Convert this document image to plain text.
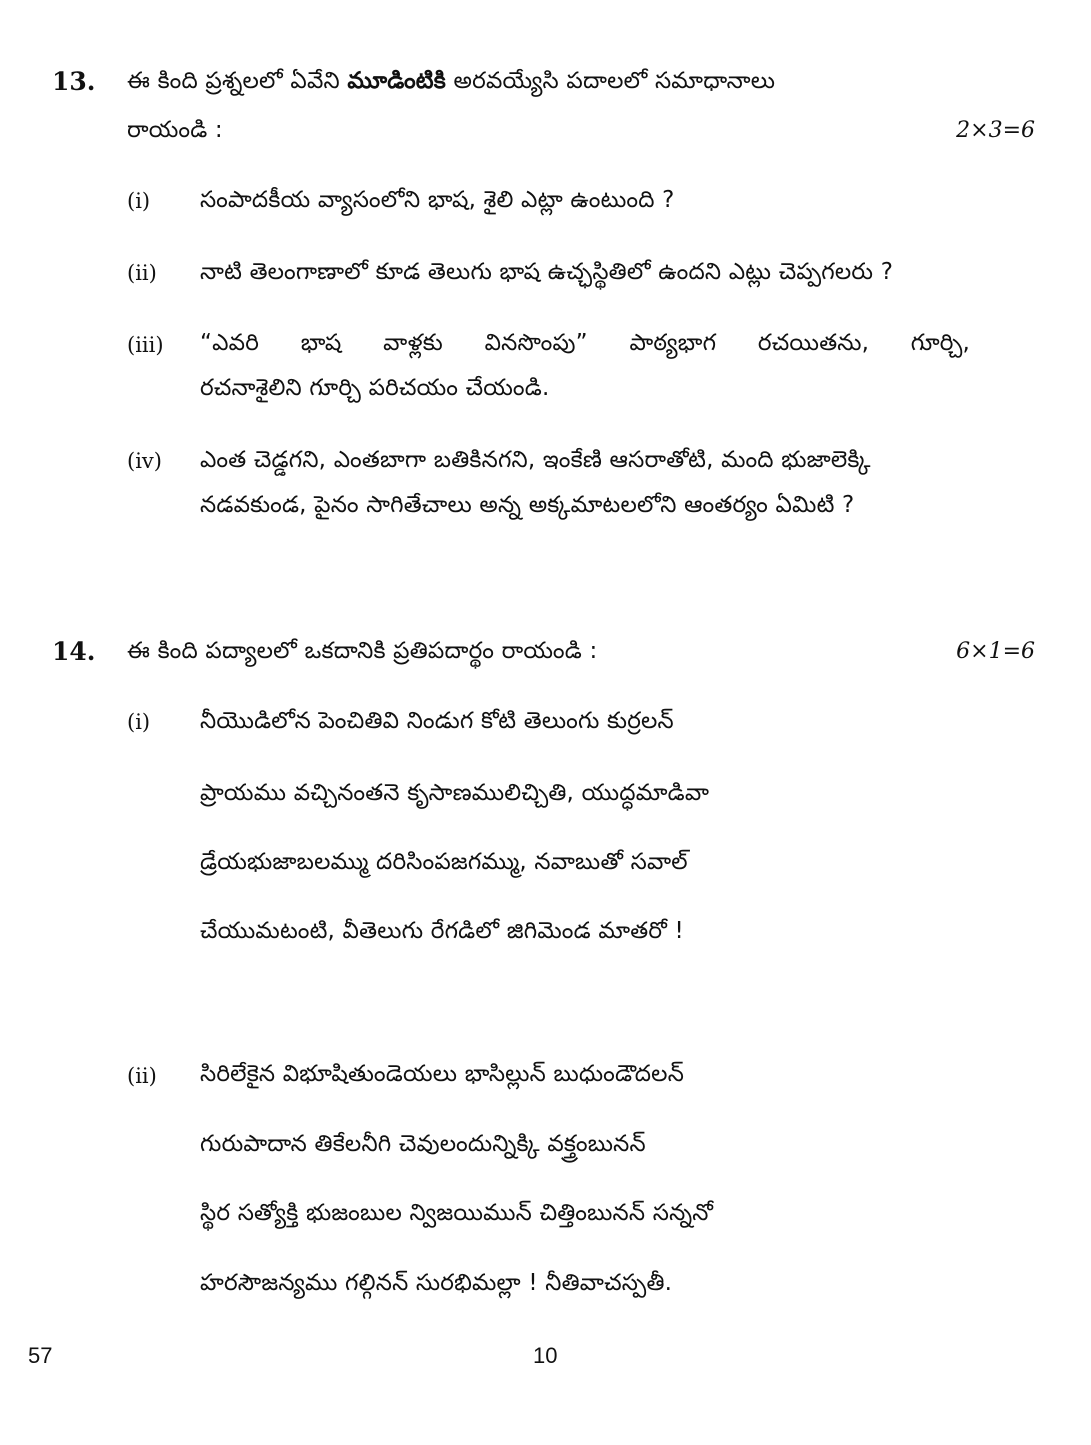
13. ఈ కింది ప్రశ్నలలో ఏవేని మూడింటికి అరవయ్యేసి పదాలలో సమాధానాలు
రాయండి :	2×3=6
(i) సంపాదకీయ వ్యాసంలోని భాష, శైలి ఎట్లా ఉంటుంది ?
(ii) నాటి తెలంగాణాలో కూడ తెలుగు భాష ఉచ్ఛస్థితిలో ఉందని ఎట్లు చెప్పగలరు ?
(iii) “ఎవరి భాష వాళ్లకు వినసొంపు” పాఠ్యభాగ రచయితను, గూర్చి,
రచనాశైలిని గూర్చి పరిచయం చేయండి.
(iv) ఎంత చెడ్డగని, ఎంతబాగా బతికినగని, ఇంకేణి ఆసరాతోటి, మంది భుజాలెక్కి
నడవకుండ, పైనం సాగితేచాలు అన్న అక్కమాటలలోని ఆంతర్యం ఏమిటి ?
14. ఈ కింది పద్యాలలో ఒకదానికి ప్రతిపదార్థం రాయండి :	6×1=6
(i) నీయొడిలోన పెంచితివి నిండుగ కోటి తెలుంగు కుర్రలన్
ప్రాయము వచ్చినంతనె కృసాణములిచ్చితి, యుద్ధమాడివా
డ్రేయభుజాబలమ్ము దరిసింపజగమ్ము, నవాబుతో సవాల్
చేయుమటంటి, వీతెలుగు రేగడిలో జిగిమెండ మాతరో !
(ii) సిరిలేకైన విభూషితుండెయలు భాసిల్లున్ బుధుండౌదలన్
గురుపాదాన తికేలనీగి చెవులందున్నిక్కి వక్త్రంబునన్
స్థిర సత్యోక్తి భుజంబుల న్విజయిమున్ చిత్తింబునన్ సన్ననో
హరసౌజన్యము గల్గినన్ సురభిమల్లా ! నీతివాచస్పతీ.
57	10
